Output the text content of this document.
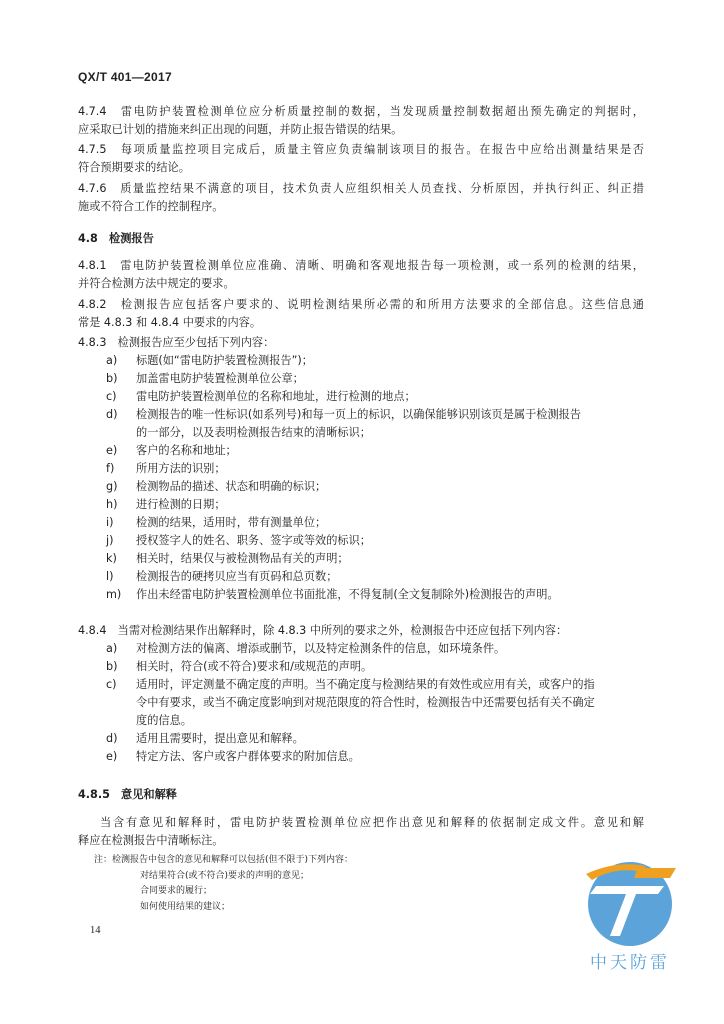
QX/T 401—2017

4.7.4　雷电防护装置检测单位应分析质量控制的数据，当发现质量控制数据超出预先确定的判据时，

应采取已计划的措施来纠正出现的问题，并防止报告错误的结果。

4.7.5　每项质量监控项目完成后，质量主管应负责编制该项目的报告。在报告中应给出测量结果是否

符合预期要求的结论。

4.7.6　质量监控结果不满意的项目，技术负责人应组织相关人员查找、分析原因，并执行纠正、纠正措

施或不符合工作的控制程序。

4.8　检测报告

4.8.1　雷电防护装置检测单位应准确、清晰、明确和客观地报告每一项检测，或一系列的检测的结果，

并符合检测方法中规定的要求。

4.8.2　检测报告应包括客户要求的、说明检测结果所必需的和所用方法要求的全部信息。这些信息通

常是 4.8.3 和 4.8.4 中要求的内容。

4.8.3　检测报告应至少包括下列内容：

a) 标题(如“雷电防护装置检测报告”)；
b) 加盖雷电防护装置检测单位公章；
c) 雷电防护装置检测单位的名称和地址，进行检测的地点；
d) 检测报告的唯一性标识(如系列号)和每一页上的标识，以确保能够识别该页是属于检测报告

的一部分，以及表明检测报告结束的清晰标识；

e) 客户的名称和地址；
f) 所用方法的识别；
g) 检测物品的描述、状态和明确的标识；
h) 进行检测的日期；
i) 检测的结果，适用时，带有测量单位；
j) 授权签字人的姓名、职务、签字或等效的标识；
k) 相关时，结果仅与被检测物品有关的声明；
l) 检测报告的硬拷贝应当有页码和总页数；
m) 作出未经雷电防护装置检测单位书面批准，不得复制(全文复制除外)检测报告的声明。

4.8.4　当需对检测结果作出解释时，除 4.8.3 中所列的要求之外，检测报告中还应包括下列内容：

a) 对检测方法的偏离、增添或删节，以及特定检测条件的信息，如环境条件。
b) 相关时，符合(或不符合)要求和/或规范的声明。
c) 适用时，评定测量不确定度的声明。当不确定度与检测结果的有效性或应用有关，或客户的指

令中有要求，或当不确定度影响到对规范限度的符合性时，检测报告中还需要包括有关不确定

度的信息。

d) 适用且需要时，提出意见和解释。
e) 特定方法、客户或客户群体要求的附加信息。

4.8.5　意见和解释

当含有意见和解释时，雷电防护装置检测单位应把作出意见和解释的依据制定成文件。意见和解

释应在检测报告中清晰标注。

注：检测报告中包含的意见和解释可以包括(但不限于)下列内容：

对结果符合(或不符合)要求的声明的意见；

合同要求的履行；

如何使用结果的建议；

14
中天防雷
